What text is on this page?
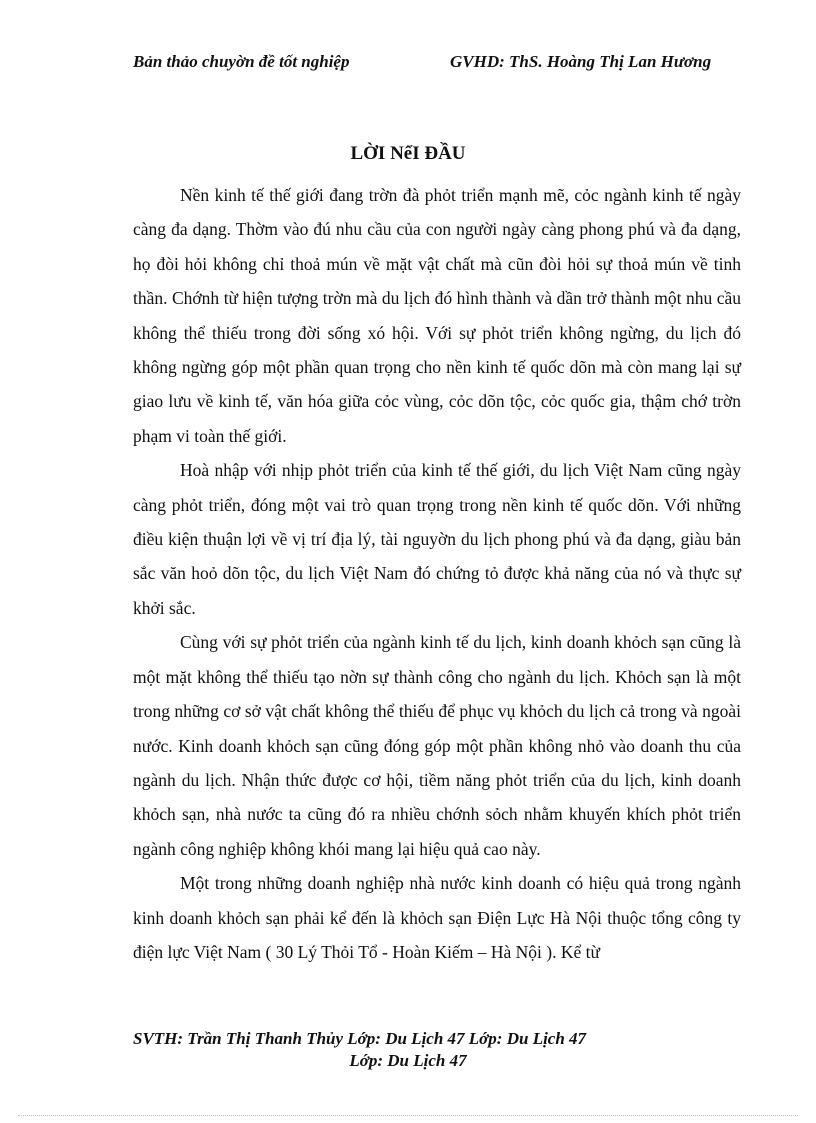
Bản thảo chuyờn đề tốt nghiệp	GVHD: ThS. Hoàng Thị Lan Hương
LỜI NểI ĐẦU

Nền kinh tế thế giới đang trờn đà phỏt triển mạnh mẽ, cỏc ngành kinh tế ngày càng đa dạng. Thờm vào đú nhu cầu của con người ngày càng phong phú và đa dạng, họ đòi hỏi không chỉ thoả mún về mặt vật chất mà cũn đòi hỏi sự thoả mún về tinh thần. Chớnh từ hiện tượng trờn mà du lịch đó hình thành và dần trở thành một nhu cầu không thể thiếu trong đời sống xó hội. Với sự phỏt triển không ngừng, du lịch đó không ngừng góp một phần quan trọng cho nền kinh tế quốc dõn mà còn mang lại sự giao lưu về kinh tế, văn hóa giữa cỏc vùng, cỏc dõn tộc, cỏc quốc gia, thậm chớ trờn phạm vi toàn thế giới.

Hoà nhập với nhịp phỏt triển của kinh tế thế giới, du lịch Việt Nam cũng ngày càng phỏt triển, đóng một vai trò quan trọng trong nền kinh tế quốc dõn. Với những điều kiện thuận lợi về vị trí địa lý, tài nguyờn du lịch phong phú và đa dạng, giàu bản sắc văn hoỏ dõn tộc, du lịch Việt Nam đó chứng tỏ được khả năng của nó và thực sự khởi sắc.

Cùng với sự phỏt triển của ngành kinh tế du lịch, kinh doanh khỏch sạn cũng là một mặt không thể thiếu tạo nờn sự thành công cho ngành du lịch. Khỏch sạn là một trong những cơ sở vật chất không thể thiếu để phục vụ khỏch du lịch cả trong và ngoài nước. Kinh doanh khỏch sạn cũng đóng góp một phần không nhỏ vào doanh thu của ngành du lịch. Nhận thức được cơ hội, tiềm năng phỏt triển của du lịch, kinh doanh khỏch sạn, nhà nước ta cũng đó ra nhiều chớnh sỏch nhằm khuyến khích phỏt triển ngành công nghiệp không khói mang lại hiệu quả cao này.

Một trong những doanh nghiệp nhà nước kinh doanh có hiệu quả trong ngành kinh doanh khỏch sạn phải kể đến là khỏch sạn Điện Lực Hà Nội thuộc tổng công ty điện lực Việt Nam ( 30 Lý Thỏi Tổ - Hoàn Kiếm – Hà Nội ). Kể từ

SVTH: Trần Thị Thanh Thủy Lớp: Du Lịch 47 Lớp: Du Lịch 47
Lớp: Du Lịch 47
